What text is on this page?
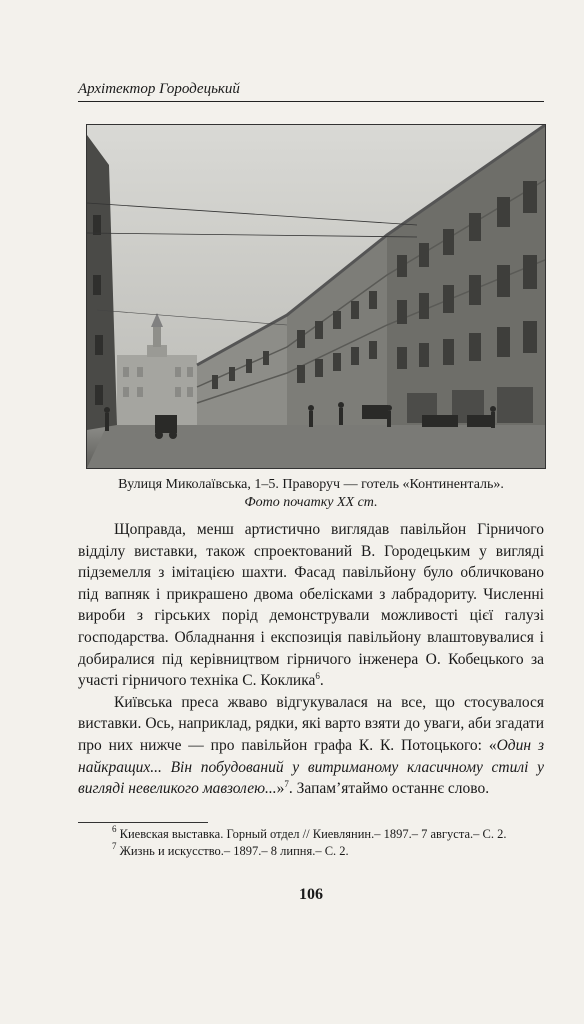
Архітектор Городецький
Вулиця Миколаївська, 1–5. Праворуч — готель «Континенталь».
Фото початку ХХ ст.

Щоправда, менш артистично виглядав павільйон Гірничого відділу виставки, також спроектований В. Городецьким у вигляді підземелля з імітацією шахти. Фасад павільйону було обличковано під вапняк і прикрашено двома обелісками з лабрадориту. Численні вироби з гірських порід демонстрували можливості цієї галузі господарства. Обладнання і експозиція павільйону влаштовувалися і добиралися під керівництвом гірничого інженера О. Кобецького за участі гірничого техніка С. Коклика$^6$.

Київська преса жваво відгукувалася на все, що стосувалося виставки. Ось, наприклад, рядки, які варто взяти до уваги, аби згадати про них нижче — про павільйон графа К. К. Потоцького: «Один з найкращих... Він побудований у витриманому класичному стилі у вигляді невеликого мавзолею...»$^7$. Запам’ятаймо останнє слово.

$^6$ Киевская выставка. Горный отдел // Киевлянин.– 1897.– 7 августа.– С. 2.

$^7$ Жизнь и искусство.– 1897.– 8 липня.– С. 2.

106
